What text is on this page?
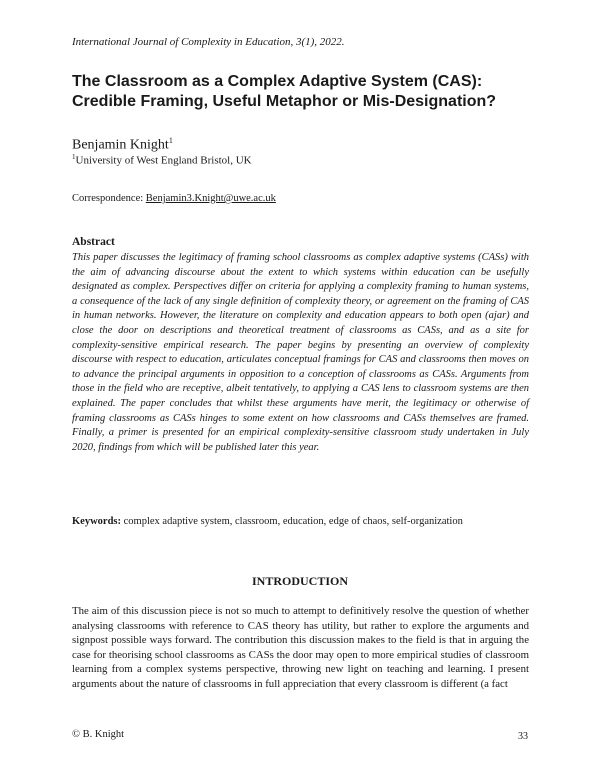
International Journal of Complexity in Education, 3(1), 2022.
The Classroom as a Complex Adaptive System (CAS): Credible Framing, Useful Metaphor or Mis-Designation?
Benjamin Knight$^1$
$^1$University of West England Bristol, UK
Correspondence: Benjamin3.Knight@uwe.ac.uk
Abstract
This paper discusses the legitimacy of framing school classrooms as complex adaptive systems (CASs) with the aim of advancing discourse about the extent to which systems within education can be usefully designated as complex. Perspectives differ on criteria for applying a complexity framing to human systems, a consequence of the lack of any single definition of complexity theory, or agreement on the framing of CAS in human networks. However, the literature on complexity and education appears to both open (ajar) and close the door on descriptions and theoretical treatment of classrooms as CASs, and as a site for complexity-sensitive empirical research. The paper begins by presenting an overview of complexity discourse with respect to education, articulates conceptual framings for CAS and classrooms then moves on to advance the principal arguments in opposition to a conception of classrooms as CASs. Arguments from those in the field who are receptive, albeit tentatively, to applying a CAS lens to classroom systems are then explained. The paper concludes that whilst these arguments have merit, the legitimacy or otherwise of framing classrooms as CASs hinges to some extent on how classrooms and CASs themselves are framed. Finally, a primer is presented for an empirical complexity-sensitive classroom study undertaken in July 2020, findings from which will be published later this year.
Keywords: complex adaptive system, classroom, education, edge of chaos, self-organization
INTRODUCTION
The aim of this discussion piece is not so much to attempt to definitively resolve the question of whether analysing classrooms with reference to CAS theory has utility, but rather to explore the arguments and signpost possible ways forward. The contribution this discussion makes to the field is that in arguing the case for theorising school classrooms as CASs the door may open to more empirical studies of classroom learning from a complex systems perspective, throwing new light on teaching and learning. I present arguments about the nature of classrooms in full appreciation that every classroom is different (a fact
© B. Knight	33
